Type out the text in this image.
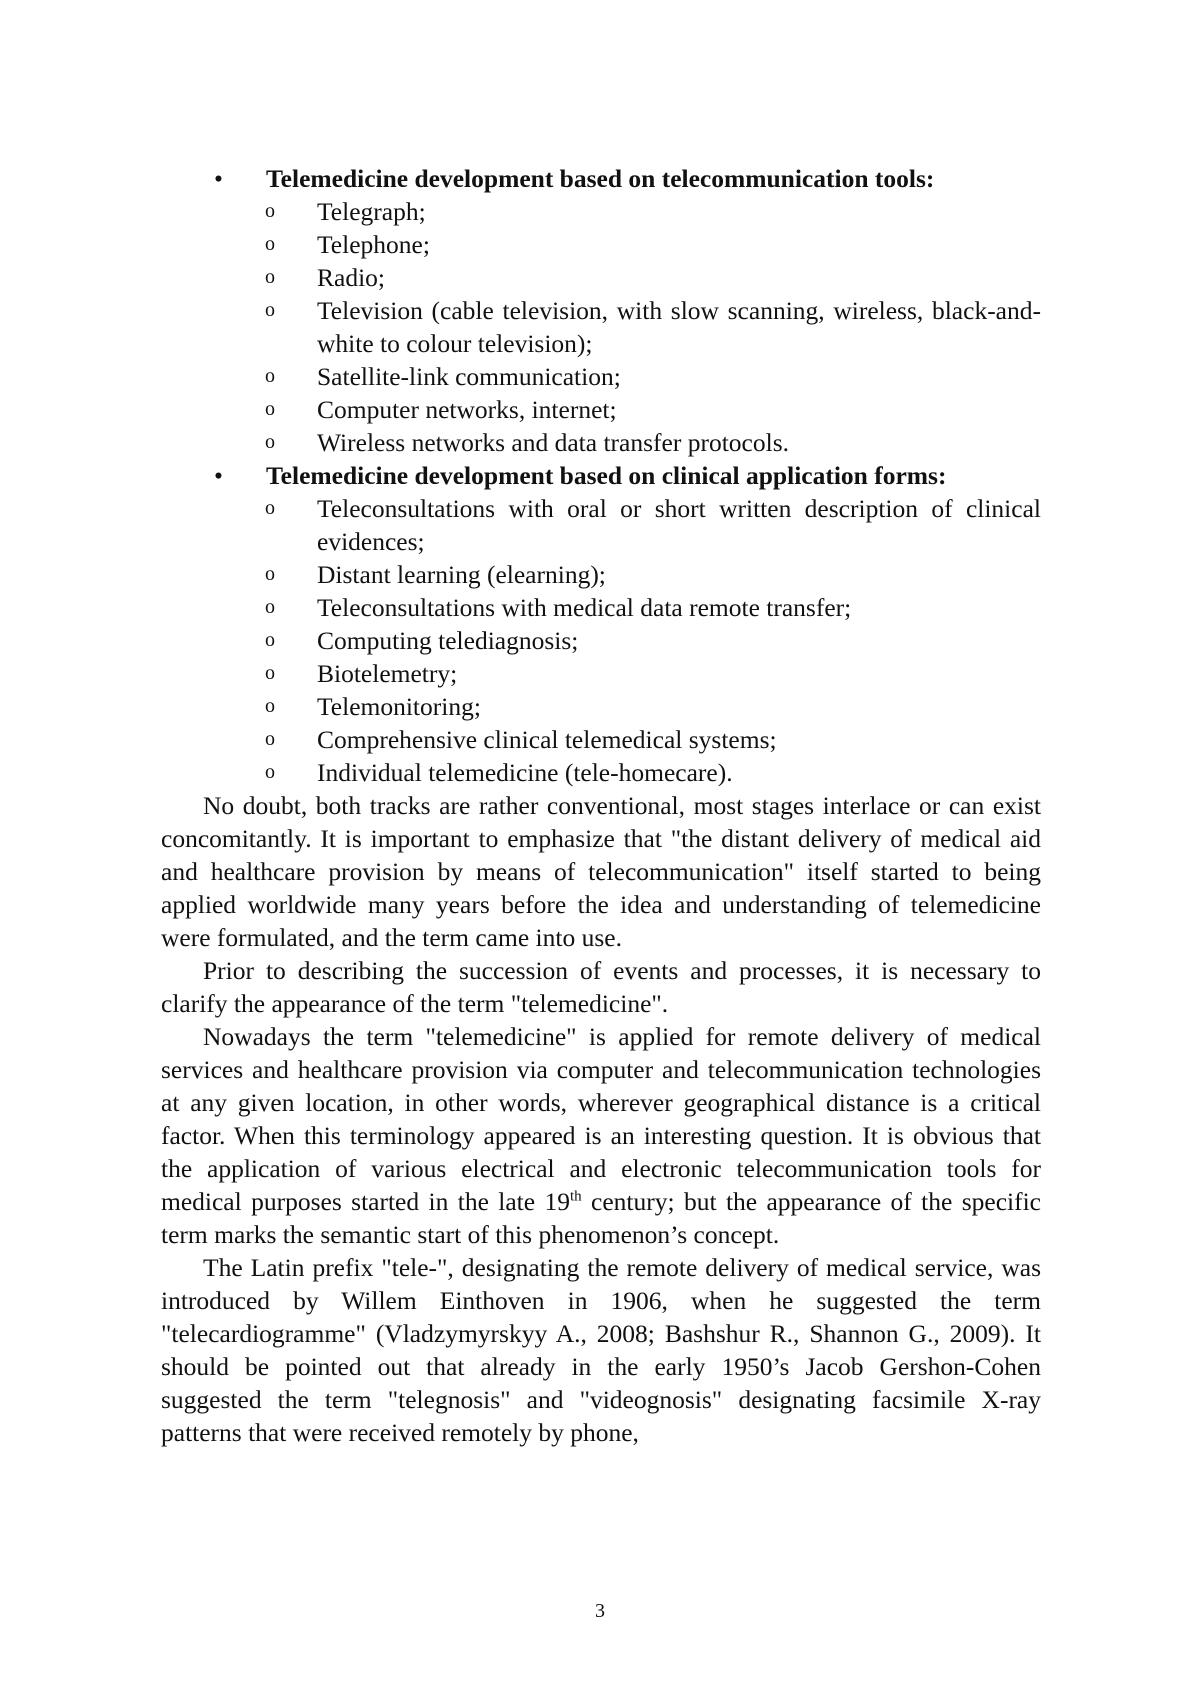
• Telemedicine development based on telecommunication tools:
o Telegraph;
o Telephone;
o Radio;
o Television (cable television, with slow scanning, wireless, black-and-white to colour television);
o Satellite-link communication;
o Computer networks, internet;
o Wireless networks and data transfer protocols.
• Telemedicine development based on clinical application forms:
o Teleconsultations with oral or short written description of clinical evidences;
o Distant learning (elearning);
o Teleconsultations with medical data remote transfer;
o Computing telediagnosis;
o Biotelemetry;
o Telemonitoring;
o Comprehensive clinical telemedical systems;
o Individual telemedicine (tele-homecare).

No doubt, both tracks are rather conventional, most stages interlace or can exist concomitantly. It is important to emphasize that "the distant delivery of medical aid and healthcare provision by means of telecommunication" itself started to being applied worldwide many years before the idea and understanding of telemedicine were formulated, and the term came into use.

Prior to describing the succession of events and processes, it is necessary to clarify the appearance of the term "telemedicine".

Nowadays the term "telemedicine" is applied for remote delivery of medical services and healthcare provision via computer and telecommunication technologies at any given location, in other words, wherever geographical distance is a critical factor. When this terminology appeared is an interesting question. It is obvious that the application of various electrical and electronic telecommunication tools for medical purposes started in the late 19th century; but the appearance of the specific term marks the semantic start of this phenomenon’s concept.

The Latin prefix "tele-", designating the remote delivery of medical service, was introduced by Willem Einthoven in 1906, when he suggested the term "telecardiogramme" (Vladzymyrskyy A., 2008; Bashshur R., Shannon G., 2009). It should be pointed out that already in the early 1950’s Jacob Gershon-Cohen suggested the term "telegnosis" and "videognosis" designating facsimile X-ray patterns that were received remotely by phone,

3
